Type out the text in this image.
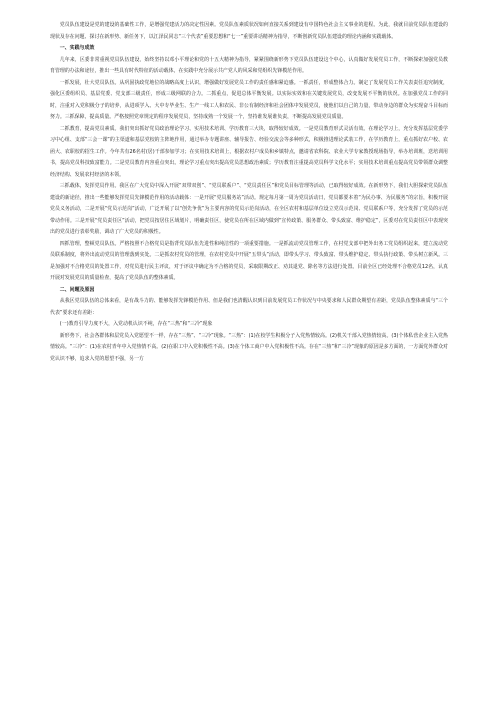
党员队伍建设是党的建设的基础性工作，是增强党建活力的决定性因素。党员队伍素质状况如何直接关系到建设有中国特色社会主义事业的进程。为此，我就目前党员队伍建设的现状及存在问题、探讨在新形势、新任务下，以江泽民同志“三个代表”重要思想和“七一”重要讲话精神为指导，不断创新党员队伍建设的理论内涵和实践载体。

一、实践与成效

几年来，区委非常重视党员队伍建设，始终坚持以邓小平理论和党的十五大精神为指导，紧紧围绕新形势下党员队伍建设这个中心，认真做好发展党员工作，不断探索加强党员教育管理的办法和途径，推出一些具有时代特征的活动载体，在实践中充分展示共产党人的风采和党组织先锋模范作用。

一抓发展，壮大党员队伍。从巩固执政党地位的战略高度上认识，增强做好发展党员工作的责任感和紧迫感。一抓责任，形成整体合力。制定了发展党员工作关表责任追究制度，强化区委组织员、基层党委、党支部三级责任，形成三级网联的合力。二抓重点，促进总体平衡发展。以实际实效和在关键发展党员，改变发展不平衡的状况。在加强党员工作的同时，注重对入党积极分子的培养，从进项学入、大中专毕业生、生产一线工人和农民、非公有制经济和社会团体中发展党员，使他们以自己的力量，带动身边的群众为实现奋斗目标而努力。三抓保障，提高质量。严格按照党章规定的程序发展党员，坚持成熟一个发展一个，坚持谁发展谁负责，不断提高发展党员质量。

二抓教育，提高党员素质。我们突出抓好党员政治理论学习、实用技术培训、学历教育三大块，取得较好成效。一是党员教育形式灵活有效。在理论学习上，充分发挥基层党委学习中心组、支部“三会一课”的主渠道和基层党校的主阵地作用，通过举办专题讲座、辅导报告、经验交流会等多种形式，积极推进理论武装工作，在学历教育上，重点抓好农户校、农函大、农职校的招生工作。今年共有26名村(居)干部参加学习；在实用技术培训上，根据农村户成员和乡镇特点，邀请省农科院、农业大学专家教授现场指导，举办培训班，送培训用书，提高党员科技致富能力。二是党员教育内容重点突出。理论学习重点突出提高党员思想政治素质；学历教育注重提高党员科学文化水平；实用技术培训重点提高党员带领群众调整经济结构、发展农村经济的本领。

三抓载体，发挥党员作用。我区在广大党员中深入开展“双带双创”、“党员联系户”、“党员责任区”和党员目标管理等活动，已取得较好成效。在新形势下，我们大胆探索党员队伍建设的新途径，推出一些能够发挥党员先锋模范作用的活动载体：一是开展“党员服务站”活动。规定每月第一周为党员活动日，党员都要本着“为民办事、为民服务”的宗旨，积极开展党员义务活动，二是开展“党员示范岗”活动，广泛开展了以“创先争优”为主要内容的党员示范岗活动，在全区农村和基层单位设立党员示范岗、党员联系户等，充分发挥了党员的示范带动作用。三是开展“党员责任区”活动，把党员按居住区域划片，明确责任区，使党员在所在区域内做到“宣传政策、服务群众、带头致富、维护稳定”，区委对在党员责任区中表现突出的党员进行表彰奖励，调动了广大党员的积极性。

四抓管理，整顿党员队伍。严格按照不合格党员是指背党员队伍先进性和纯洁性的一项重要措施。一是抓流动党员管理工作，在村党支部中把外出务工党员组织起来，建立流动党员联系制度，将外出流动党员的管理落到实处。二是抓农村党员的管理，在农村党员中开展“五带头”活动，即带头学习、带头致富、带头维护稳定、带头执行政策、带头树立新风。三是加强对不合格党员的处置工作，对党员进行民主评议，对于评议中确定为不合格的党员，采取限期改正、劝其退党、除名等方法进行处置。目前全区已经处理不合格党员12名，认真开展对发展党员的质量检查，提高了党员队伍的整体素质。

二、问题及原因

从我区党员队伍的总体来看，是有战斗力的、能够发挥先锋模范作用、但是我们也清醒认识到目前发展党员工作状况与中央要求和人民群众期望有差距，党员队伍整体素质与“三个代表”要求还有差距：

(一)教育引导力度不大，入党动机认识不纯，存在“三热”和“三冷”现象

新形势下，社会各群体和层党员入党愿望不一样，存在“三热”、“三冷”现象。“三热”：(1)在校学生积极分子入党热情较高。(2)机关干部入党热情较高。(3)个体私营企业主入党热情较高。“三冷”：(1)在农村青年中入党热情不高。(2)在职工中入党积极性不高。(3)在个体工商户中入党积极性不高。存在“三热”和“三冷”现象的原因是多方面的，一方面党外群众对党认识不够，追求入党的愿望不强，另一方
